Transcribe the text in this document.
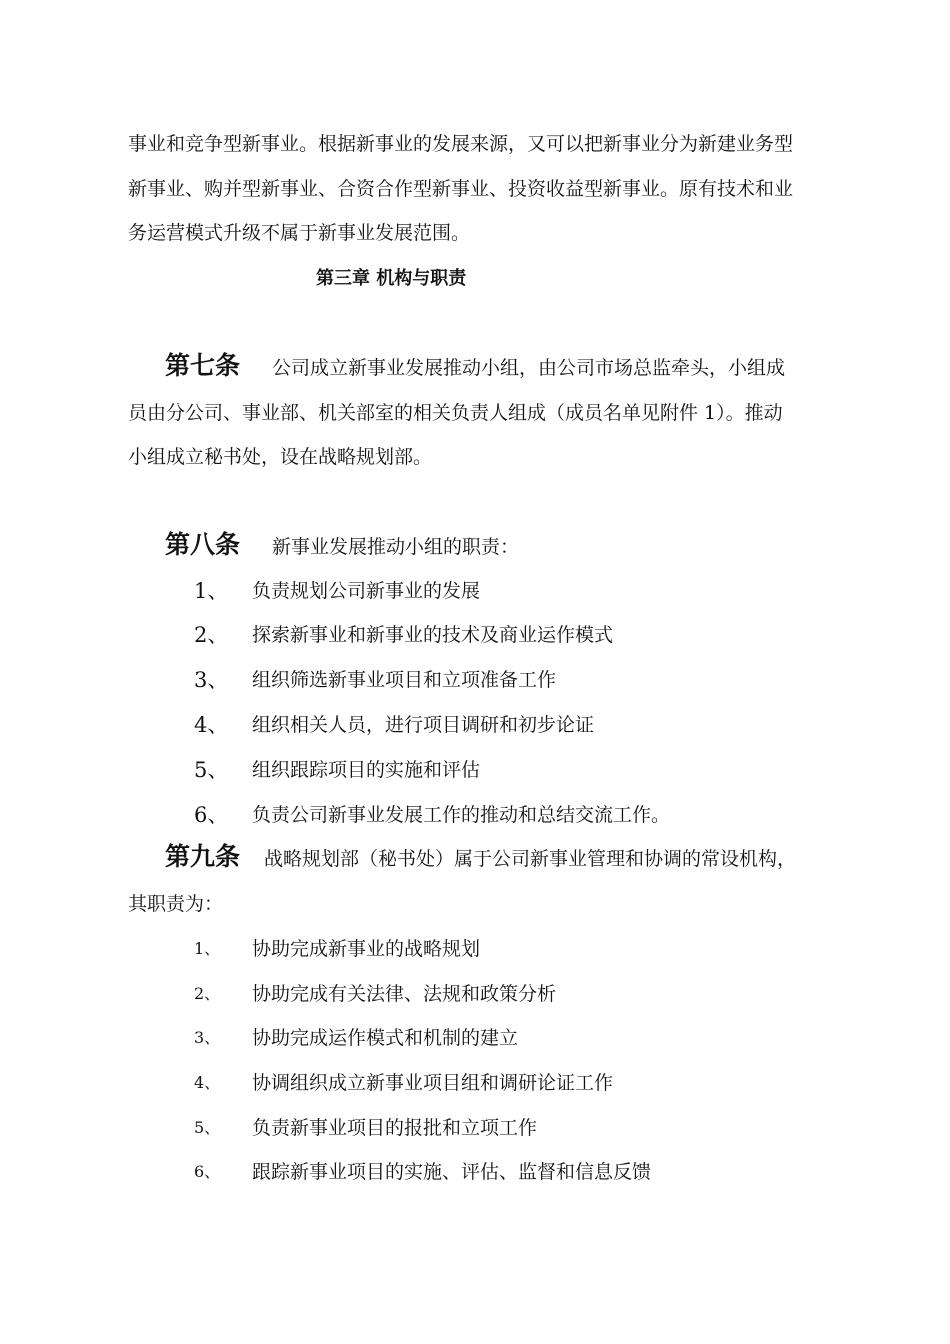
事业和竞争型新事业。根据新事业的发展来源，又可以把新事业分为新建业务型
新事业、购并型新事业、合资合作型新事业、投资收益型新事业。原有技术和业
务运营模式升级不属于新事业发展范围。
第三章 机构与职责
第七条 公司成立新事业发展推动小组，由公司市场总监牵头，小组成
员由分公司、事业部、机关部室的相关负责人组成（成员名单见附件 1）。推动
小组成立秘书处，设在战略规划部。
第八条 新事业发展推动小组的职责：
1、 负责规划公司新事业的发展
2、 探索新事业和新事业的技术及商业运作模式
3、 组织筛选新事业项目和立项准备工作
4、 组织相关人员，进行项目调研和初步论证
5、 组织跟踪项目的实施和评估
6、 负责公司新事业发展工作的推动和总结交流工作。
第九条 战略规划部（秘书处）属于公司新事业管理和协调的常设机构，
其职责为：
1、 协助完成新事业的战略规划
2、 协助完成有关法律、法规和政策分析
3、 协助完成运作模式和机制的建立
4、 协调组织成立新事业项目组和调研论证工作
5、 负责新事业项目的报批和立项工作
6、 跟踪新事业项目的实施、评估、监督和信息反馈
